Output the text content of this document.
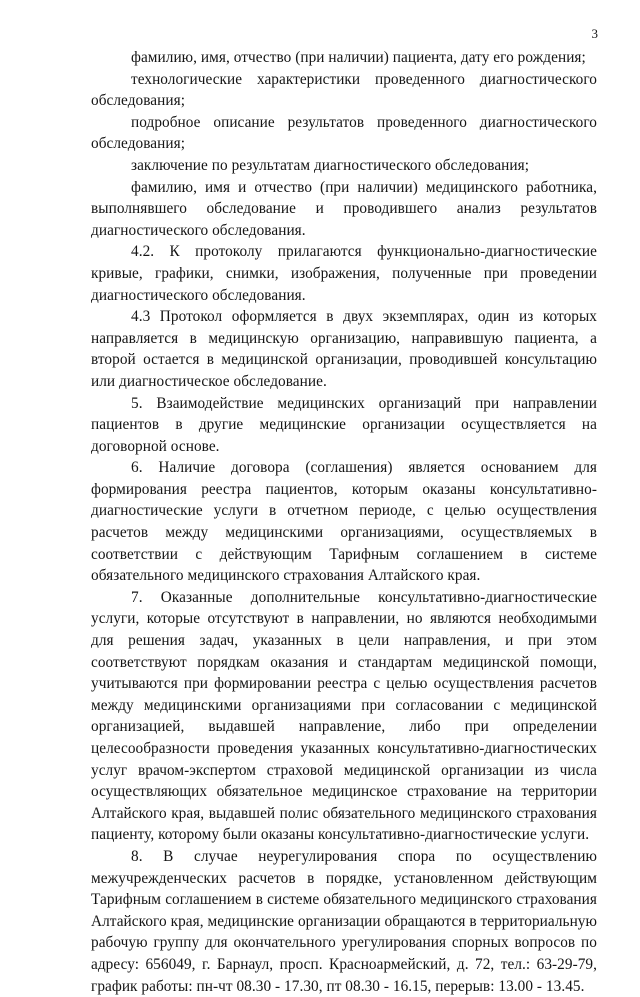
3

фамилию, имя, отчество (при наличии) пациента, дату его рождения;

технологические характеристики проведенного диагностического обследования;

подробное описание результатов проведенного диагностического обследования;

заключение по результатам диагностического обследования;

фамилию, имя и отчество (при наличии) медицинского работника, выполнявшего обследование и проводившего анализ результатов диагностического обследования.

4.2. К протоколу прилагаются функционально-диагностические кривые, графики, снимки, изображения, полученные при проведении диагностического обследования.

4.3 Протокол оформляется в двух экземплярах, один из которых направляется в медицинскую организацию, направившую пациента, а второй остается в медицинской организации, проводившей консультацию или диагностическое обследование.

5. Взаимодействие медицинских организаций при направлении пациентов в другие медицинские организации осуществляется на договорной основе.

6. Наличие договора (соглашения) является основанием для формирования реестра пациентов, которым оказаны консультативно-диагностические услуги в отчетном периоде, с целью осуществления расчетов между медицинскими организациями, осуществляемых в соответствии с действующим Тарифным соглашением в системе обязательного медицинского страхования Алтайского края.

7. Оказанные дополнительные консультативно-диагностические услуги, которые отсутствуют в направлении, но являются необходимыми для решения задач, указанных в цели направления, и при этом соответствуют порядкам оказания и стандартам медицинской помощи, учитываются при формировании реестра с целью осуществления расчетов между медицинскими организациями при согласовании с медицинской организацией, выдавшей направление, либо при определении целесообразности проведения указанных консультативно-диагностических услуг врачом-экспертом страховой медицинской организации из числа осуществляющих обязательное медицинское страхование на территории Алтайского края, выдавшей полис обязательного медицинского страхования пациенту, которому были оказаны консультативно-диагностические услуги.

8. В случае неурегулирования спора по осуществлению межучрежденческих расчетов в порядке, установленном действующим Тарифным соглашением в системе обязательного медицинского страхования Алтайского края, медицинские организации обращаются в территориальную рабочую группу для окончательного урегулирования спорных вопросов по адресу: 656049, г. Барнаул, просп. Красноармейский, д. 72, тел.: 63-29-79, график работы: пн-чт 08.30 - 17.30, пт 08.30 - 16.15, перерыв: 13.00 - 13.45.
